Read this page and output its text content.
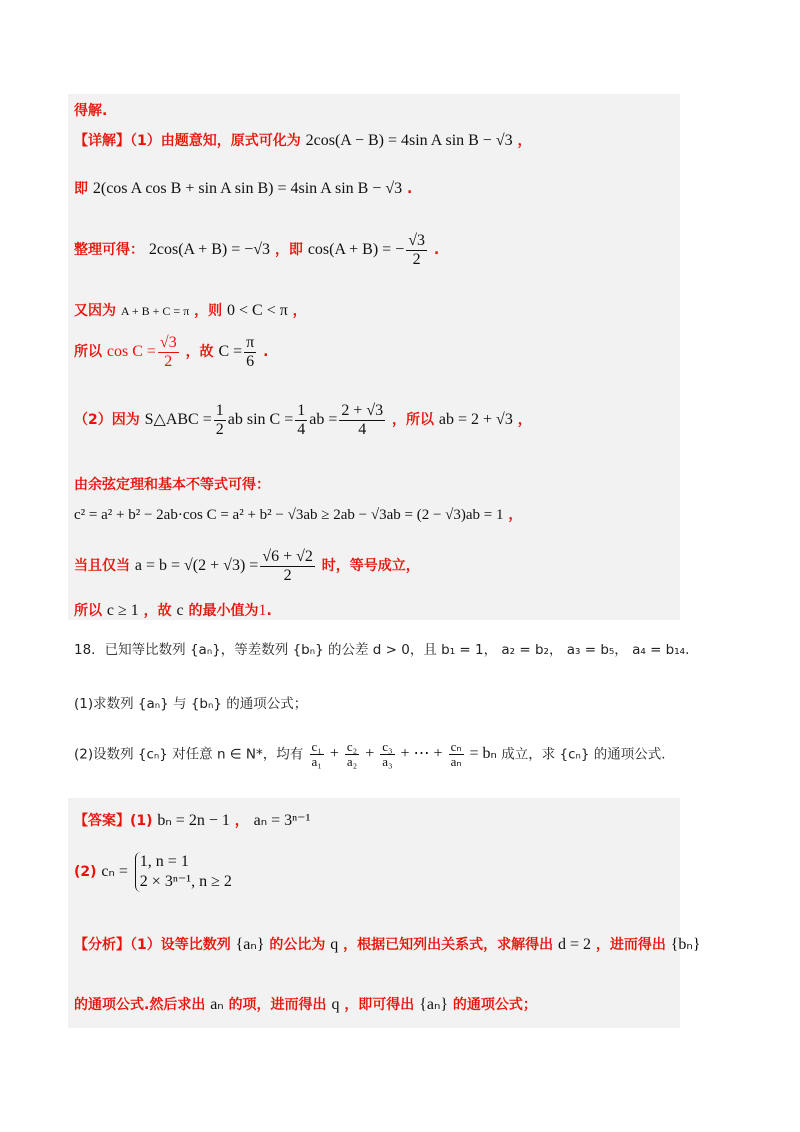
得解.
【详解】（1）由题意知，原式可化为 2cos(A − B) = 4sin A sin B − √3 ，
即 2(cos A cos B + sin A sin B) = 4sin A sin B − √3 .
整理可得： 2cos(A + B) = −√3 ，即 cos(A + B) = − $\frac{√3}{2}$ .
又因为 A + B + C = π ，则 0 < C < π ，
所以 $\cos C = \frac{√3}{2}$ ，故 $C = \frac{\pi}{6}$ .
（2）因为 S△ABC = $\frac{1}{2}$ ab $\sin C = \frac{1}{4}$ ab = $\frac{2 + √3}{4}$ ，所以 ab = 2 + √3 ，
由余弦定理和基本不等式可得：
c² = a² + b² − 2ab·cos C = a² + b² − √3ab ≥ 2ab − √3ab = (2 − √3)ab = 1 ，
当且仅当 $a = b = √(2 + √3) = \frac{√6 + √2}{2}$ 时，等号成立，
所以 c ≥ 1 ，故 c 的最小值为1.
18．已知等比数列 {aₙ}，等差数列 {bₙ} 的公差 d > 0，且 b₁ = 1， a₂ = b₂， a₃ = b₅， a₄ = b₁₄.
(1)求数列 {aₙ} 与 {bₙ} 的通项公式；
(2)设数列 {cₙ} 对任意 n ∈ N*，均有 $\frac{\text{c₁}}{\text{a₁}} + \frac{\text{c₂}}{\text{a₂}} + \frac{\text{c₃}}{\text{a₃}}$ + ⋯ + $\frac{\text{cₙ}}{\text{aₙ}} = b_n$ 成立，求 {cₙ} 的通项公式.
【答案】(1) bₙ = 2n − 1 ， aₙ = 3ⁿ⁻¹
(2) cₙ =
1, n = 1
2 × 3ⁿ⁻¹, n ≥ 2
【分析】（1）设等比数列 {aₙ} 的公比为 q ，根据已知列出关系式，求解得出 d = 2 ，进而得出 {bₙ}
的通项公式.然后求出 aₙ 的项，进而得出 q ，即可得出 {aₙ} 的通项公式；
